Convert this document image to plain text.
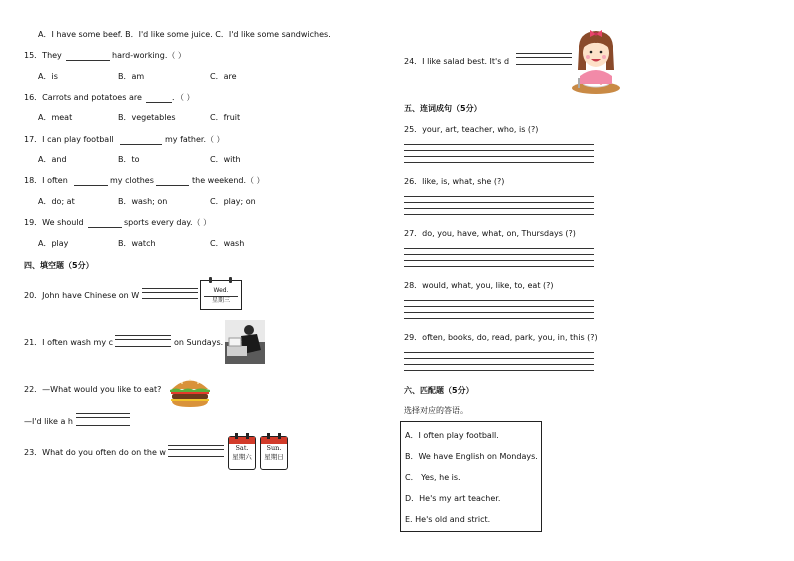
A．I have some beef. B．I'd like some juice. C．I'd like some sandwiches.
15．They	hard-working.（ ）
A．is	B．am	C．are
16．Carrots and potatoes are	．（ ）
A．meat	B．vegetables	C．fruit
17．I can play football	my father.（ ）
A．and	B．to	C．with
18．I often	my clothes	the weekend.（ ）
A．do; at	B．wash; on	C．play; on
19．We should	sports every day.（ ）
A．play	B．watch	C．wash
四、填空题（5分）
20．John have Chinese on W
Wed.
星期三
21．I often wash my c	on Sundays.
22．—What would you like to eat?
—I'd like a h
23．What do you often do on the w	Sat.
星期六
Sun.
星期日
24．I like salad best. It's d
五、连词成句（5分）
25．your, art, teacher, who, is (?)
26．like, is, what, she (?)
27．do, you, have, what, on, Thursdays (?)
28．would, what, you, like, to, eat (?)
29．often, books, do, read, park, you, in, this (?)
六、匹配题（5分）
选择对应的答语。
A．I often play football.
B．We have English on Mondays.
C． Yes, he is.
D．He's my art teacher.
E. He's old and strict.
